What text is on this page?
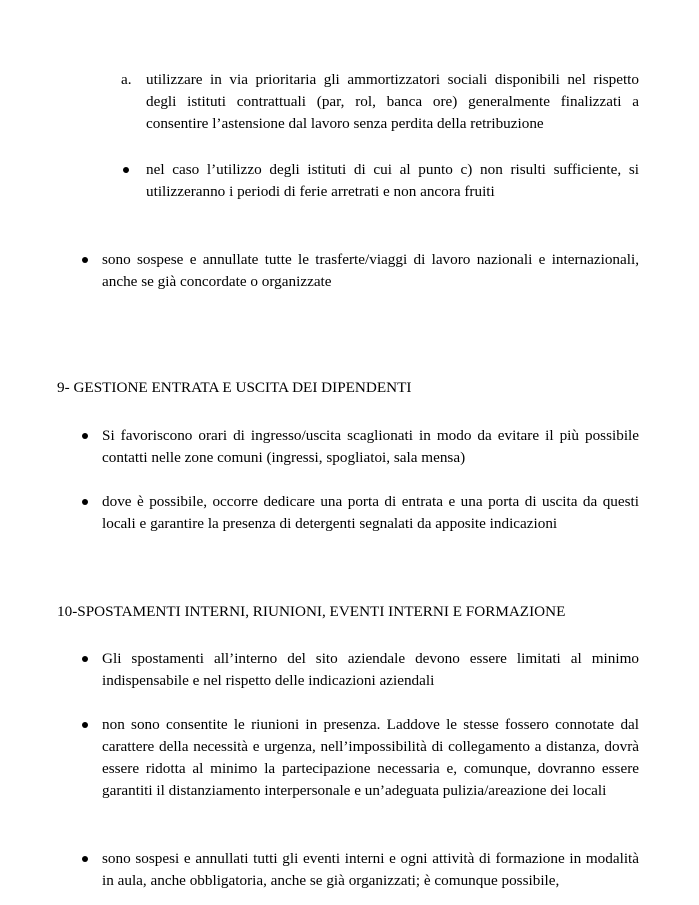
a. utilizzare in via prioritaria gli ammortizzatori sociali disponibili nel rispetto degli istituti contrattuali (par, rol, banca ore) generalmente finalizzati a consentire l’astensione dal lavoro senza perdita della retribuzione
nel caso l’utilizzo degli istituti di cui al punto c) non risulti sufficiente, si utilizzeranno i periodi di ferie arretrati e non ancora fruiti
sono sospese e annullate tutte le trasferte/viaggi di lavoro nazionali e internazionali, anche se già concordate o organizzate
9- GESTIONE ENTRATA E USCITA DEI DIPENDENTI
Si favoriscono orari di ingresso/uscita scaglionati in modo da evitare il più possibile contatti nelle zone comuni (ingressi, spogliatoi, sala mensa)
dove è possibile, occorre dedicare una porta di entrata e una porta di uscita da questi locali e garantire la presenza di detergenti segnalati da apposite indicazioni
10-SPOSTAMENTI INTERNI, RIUNIONI, EVENTI INTERNI E FORMAZIONE
Gli spostamenti all’interno del sito aziendale devono essere limitati al minimo indispensabile e nel rispetto delle indicazioni aziendali
non sono consentite le riunioni in presenza. Laddove le stesse fossero connotate dal carattere della necessità e urgenza, nell’impossibilità di collegamento a distanza, dovrà essere ridotta al minimo la partecipazione necessaria e, comunque, dovranno essere garantiti il distanziamento interpersonale e un’adeguata pulizia/areazione dei locali
sono sospesi e annullati tutti gli eventi interni e ogni attività di formazione in modalità in aula, anche obbligatoria, anche se già organizzati; è comunque possibile,
